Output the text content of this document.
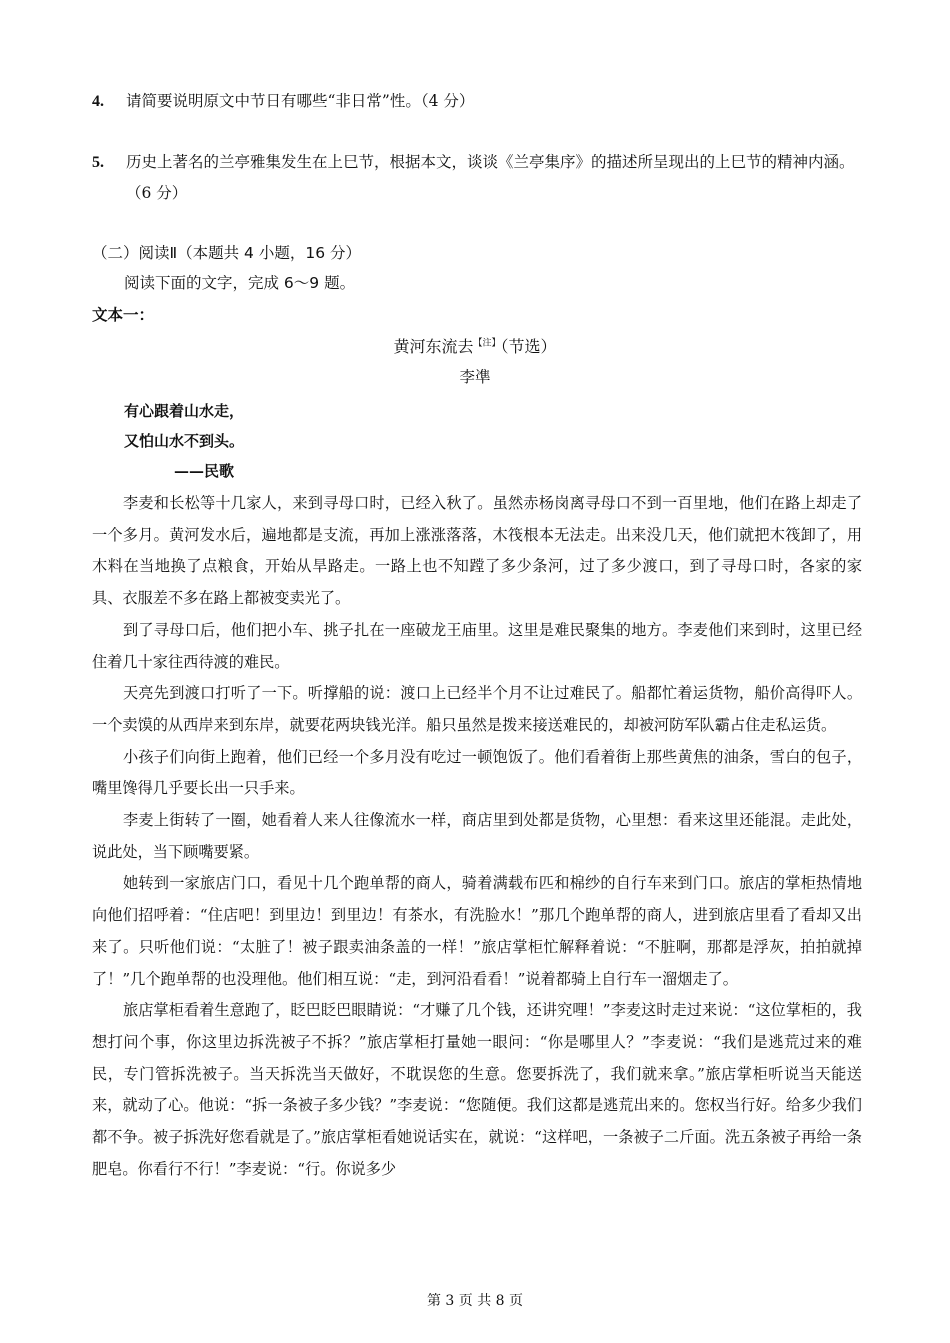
4. 请简要说明原文中节日有哪些“非日常”性。（4 分）
5. 历史上著名的兰亭雅集发生在上巳节，根据本文，谈谈《兰亭集序》的描述所呈现出的上巳节的精神内涵。（6 分）
（二）阅读Ⅱ（本题共 4 小题，16 分）
阅读下面的文字，完成 6～9 题。
文本一：
黄河东流去$^{【注】}$（节选）
李凖
有心跟着山水走，
又怕山水不到头。
——民歌

李麦和长松等十几家人，来到寻母口时，已经入秋了。虽然赤杨岗离寻母口不到一百里地，他们在路上却走了一个多月。黄河发水后，遍地都是支流，再加上涨涨落落，木筏根本无法走。出来没几天，他们就把木筏卸了，用木料在当地换了点粮食，开始从旱路走。一路上也不知蹚了多少条河，过了多少渡口，到了寻母口时，各家的家具、衣服差不多在路上都被变卖光了。

到了寻母口后，他们把小车、挑子扎在一座破龙王庙里。这里是难民聚集的地方。李麦他们来到时，这里已经住着几十家往西待渡的难民。

天亮先到渡口打听了一下。听撑船的说：渡口上已经半个月不让过难民了。船都忙着运货物，船价高得吓人。一个卖馍的从西岸来到东岸，就要花两块钱光洋。船只虽然是拨来接送难民的，却被河防军队霸占住走私运货。

小孩子们向街上跑着，他们已经一个多月没有吃过一顿饱饭了。他们看着街上那些黄焦的油条，雪白的包子，嘴里馋得几乎要长出一只手来。

李麦上街转了一圈，她看着人来人往像流水一样，商店里到处都是货物，心里想：看来这里还能混。走此处，说此处，当下顾嘴要紧。

她转到一家旅店门口，看见十几个跑单帮的商人，骑着满载布匹和棉纱的自行车来到门口。旅店的掌柜热情地向他们招呼着：“住店吧！到里边！到里边！有茶水，有洗脸水！”那几个跑单帮的商人，进到旅店里看了看却又出来了。只听他们说：“太脏了！被子跟卖油条盖的一样！”旅店掌柜忙解释着说：“不脏啊，那都是浮灰，拍拍就掉了！”几个跑单帮的也没理他。他们相互说：“走，到河沿看看！”说着都骑上自行车一溜烟走了。

旅店掌柜看着生意跑了，眨巴眨巴眼睛说：“才赚了几个钱，还讲究哩！”李麦这时走过来说：“这位掌柜的，我想打问个事，你这里边拆洗被子不拆？”旅店掌柜打量她一眼问：“你是哪里人？”李麦说：“我们是逃荒过来的难民，专门管拆洗被子。当天拆洗当天做好，不耽误您的生意。您要拆洗了，我们就来拿。”旅店掌柜听说当天能送来，就动了心。他说：“拆一条被子多少钱？”李麦说：“您随便。我们这都是逃荒出来的。您权当行好。给多少我们都不争。被子拆洗好您看就是了。”旅店掌柜看她说话实在，就说：“这样吧，一条被子二斤面。洗五条被子再给一条肥皂。你看行不行！”李麦说：“行。你说多少

第 3 页 共 8 页
